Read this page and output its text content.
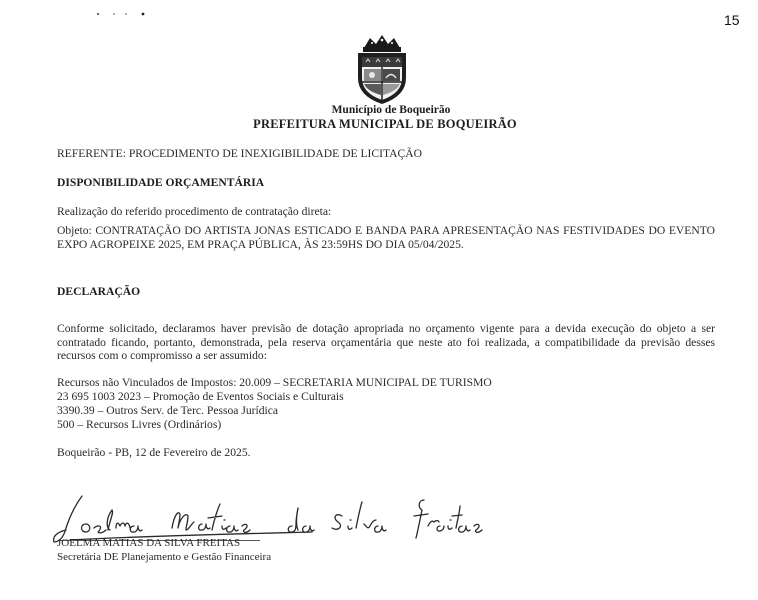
15
Município de Boqueirão
PREFEITURA MUNICIPAL DE BOQUEIRÃO
REFERENTE: PROCEDIMENTO DE INEXIGIBILIDADE DE LICITAÇÃO
DISPONIBILIDADE ORÇAMENTÁRIA
Realização do referido procedimento de contratação direta:
Objeto: CONTRATAÇÃO DO ARTISTA JONAS ESTICADO E BANDA PARA APRESENTAÇÃO NAS FESTIVIDADES DO EVENTO EXPO AGROPEIXE 2025, EM PRAÇA PÚBLICA, ÀS 23:59HS DO DIA 05/04/2025.
DECLARAÇÃO
Conforme solicitado, declaramos haver previsão de dotação apropriada no orçamento vigente para a devida execução do objeto a ser contratado ficando, portanto, demonstrada, pela reserva orçamentária que neste ato foi realizada, a compatibilidade da previsão desses recursos com o compromisso a ser assumido:
Recursos não Vinculados de Impostos: 20.009 – SECRETARIA MUNICIPAL DE TURISMO
23 695 1003 2023 – Promoção de Eventos Sociais e Culturais
3390.39 – Outros Serv. de Terc. Pessoa Jurídica
500 – Recursos Livres (Ordinários)
Boqueirão - PB, 12 de Fevereiro de 2025.
JOELMA MATIAS DA SILVA FREITAS
Secretária DE Planejamento e Gestão Financeira
